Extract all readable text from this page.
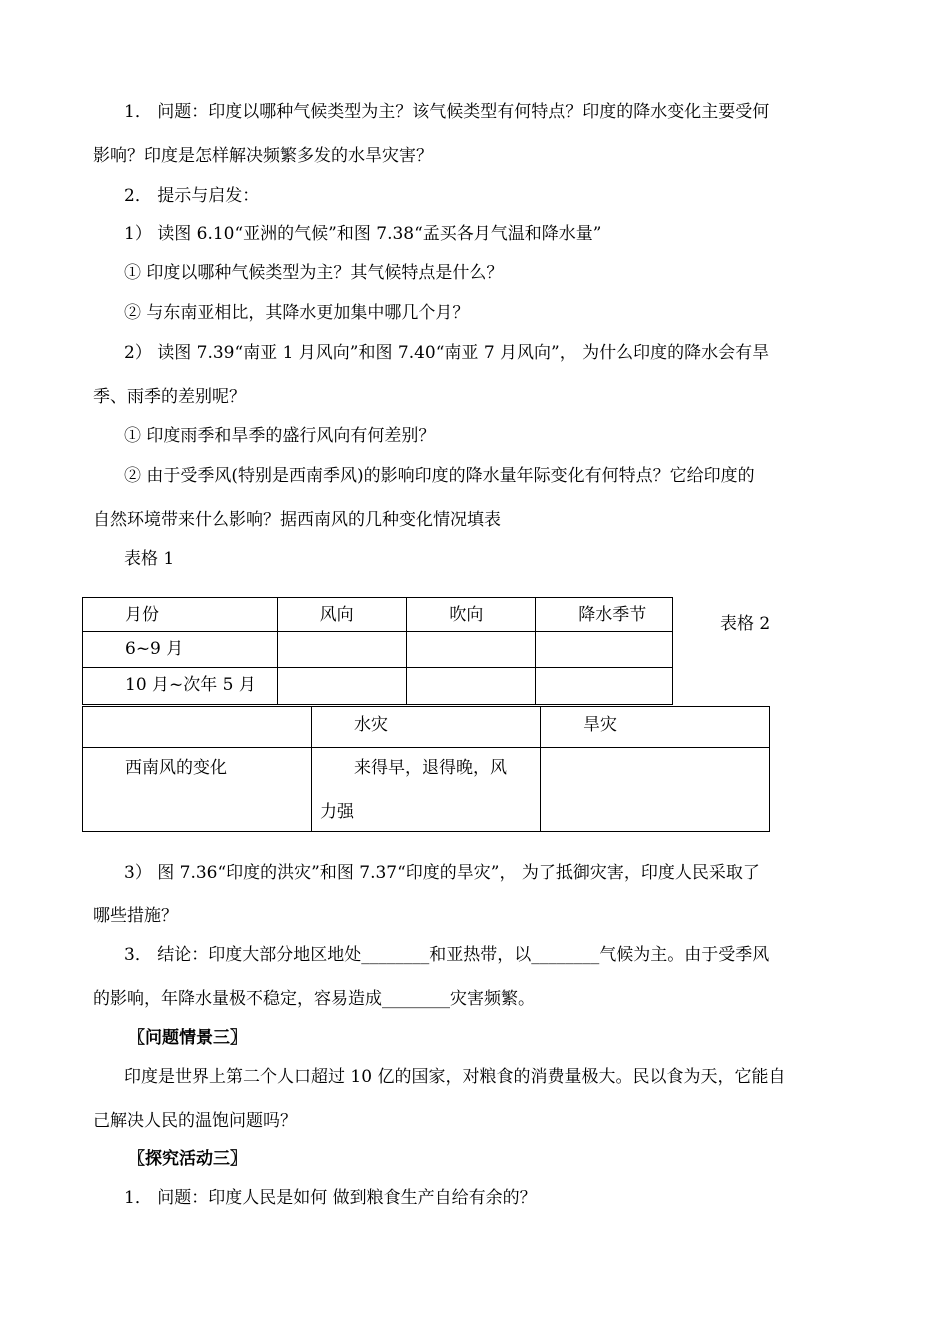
1． 问题：印度以哪种气候类型为主？该气候类型有何特点？印度的降水变化主要受何
影响？印度是怎样解决频繁多发的水旱灾害？
2． 提示与启发：
1） 读图 6.10“亚洲的气候”和图 7.38“孟买各月气温和降水量”
① 印度以哪种气候类型为主？其气候特点是什么？
② 与东南亚相比，其降水更加集中哪几个月？
2） 读图 7.39“南亚 1 月风向”和图 7.40“南亚 7 月风向”， 为什么印度的降水会有旱
季、雨季的差别呢？
① 印度雨季和旱季的盛行风向有何差别？
② 由于受季风(特别是西南季风)的影响印度的降水量年际变化有何特点？它给印度的
自然环境带来什么影响？据西南风的几种变化情况填表
表格 1
月份	风向	吹向	降水季节

6~9 月			

10 月~次年 5 月			

表格 2

	水灾	旱灾

西南风的变化	来得早，退得晚，风
力强	

3） 图 7.36“印度的洪灾”和图 7.37“印度的旱灾”， 为了抵御灾害，印度人民采取了
哪些措施？
3． 结论：印度大部分地区地处________和亚热带，以________气候为主。由于受季风
的影响，年降水量极不稳定，容易造成________灾害频繁。
〖问题情景三〗
印度是世界上第二个人口超过 10 亿的国家，对粮食的消费量极大。民以食为天，它能自
己解决人民的温饱问题吗？
〖探究活动三〗
1． 问题：印度人民是如何 做到粮食生产自给有余的？
